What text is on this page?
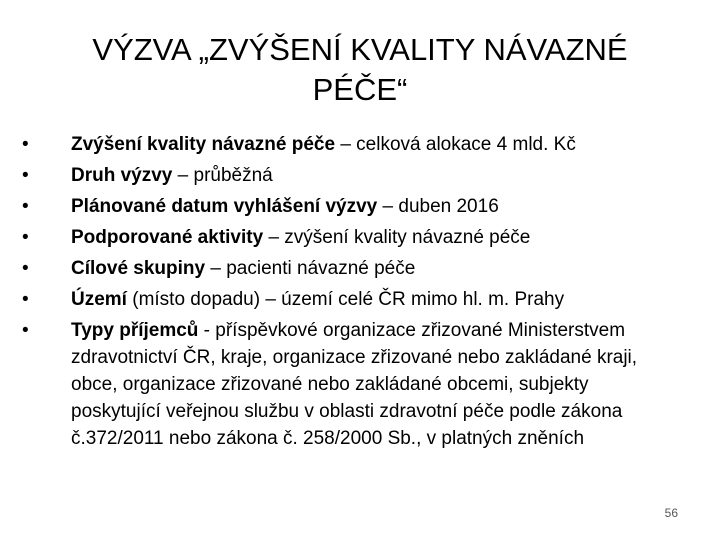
VÝZVA „ZVÝŠENÍ KVALITY NÁVAZNÉ
PÉČE“
•	Zvýšení kvality návazné péče – celková alokace 4 mld. Kč
•	Druh výzvy – průběžná
•	Plánované datum vyhlášení výzvy – duben 2016
•	Podporované aktivity – zvýšení kvality návazné péče
•	Cílové skupiny – pacienti návazné péče
•	Území (místo dopadu) – území celé ČR mimo hl. m. Prahy
•	Typy příjemců - příspěvkové organizace zřizované Ministerstvem zdravotnictví ČR, kraje, organizace zřizované nebo zakládané kraji, obce, organizace zřizované nebo zakládané obcemi, subjekty poskytující veřejnou službu v oblasti zdravotní péče podle zákona č.372/2011 nebo zákona č. 258/2000 Sb., v platných zněních
56
